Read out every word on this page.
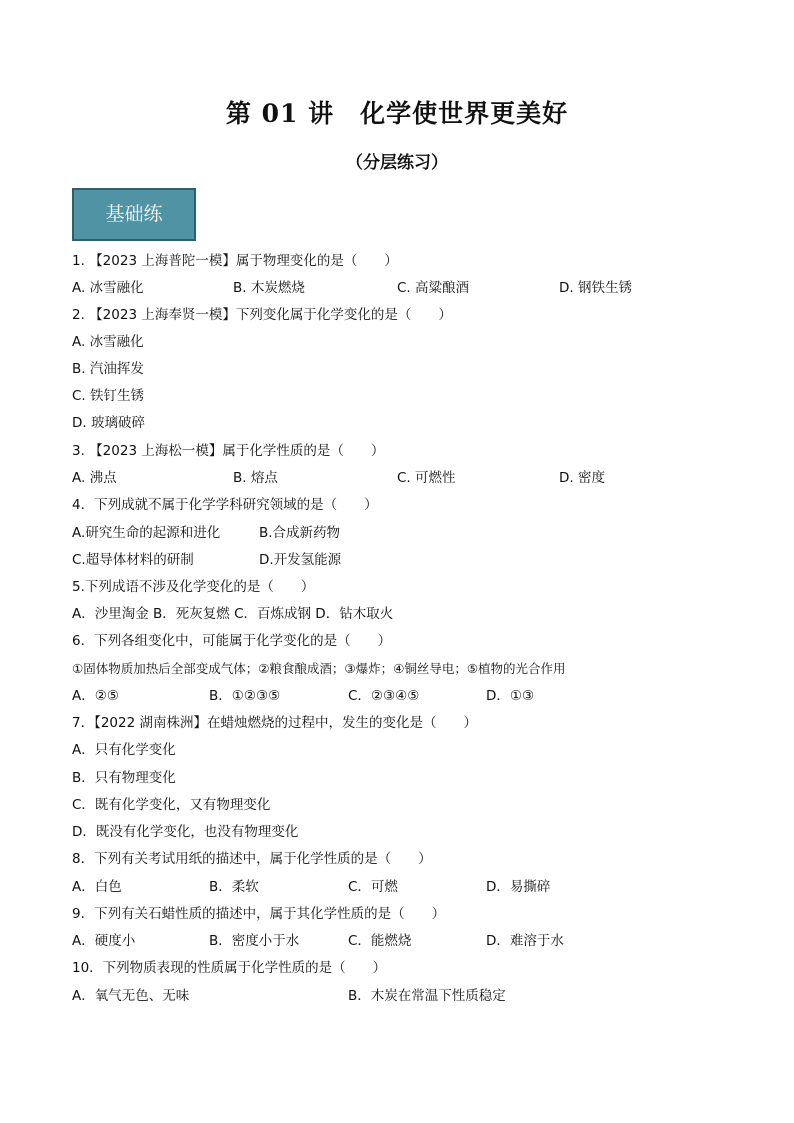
第 01 讲　化学使世界更美好
（分层练习）
基础练
1. 【2023 上海普陀一模】属于物理变化的是（　　）
A. 冰雪融化	B. 木炭燃烧	C. 高粱酿酒	D. 钢铁生锈
2. 【2023 上海奉贤一模】下列变化属于化学变化的是（　　）
A. 冰雪融化
B. 汽油挥发
C. 铁钉生锈
D. 玻璃破碎
3. 【2023 上海松一模】属于化学性质的是（　　）
A. 沸点	B. 熔点	C. 可燃性	D. 密度
4．下列成就不属于化学学科研究领域的是（　　）
A.研究生命的起源和进化	B.合成新药物
C.超导体材料的研制	D.开发氢能源
5.下列成语不涉及化学变化的是（　　）
A．沙里淘金 B．死灰复燃 C．百炼成钢 D．钻木取火
6．下列各组变化中，可能属于化学变化的是（　　）
①固体物质加热后全部变成气体；②粮食酿成酒；③爆炸；④铜丝导电；⑤植物的光合作用
A．②⑤	B．①②③⑤	C．②③④⑤	D．①③
7．【2022 湖南株洲】在蜡烛燃烧的过程中，发生的变化是（　　）
A．只有化学变化
B．只有物理变化
C．既有化学变化，又有物理变化
D．既没有化学变化，也没有物理变化
8．下列有关考试用纸的描述中，属于化学性质的是（　　）
A．白色	B．柔软	C．可燃	D．易撕碎
9．下列有关石蜡性质的描述中，属于其化学性质的是（　　）
A．硬度小	B．密度小于水	C．能燃烧	D．难溶于水
10．下列物质表现的性质属于化学性质的是（　　）
A．氧气无色、无味	B．木炭在常温下性质稳定
